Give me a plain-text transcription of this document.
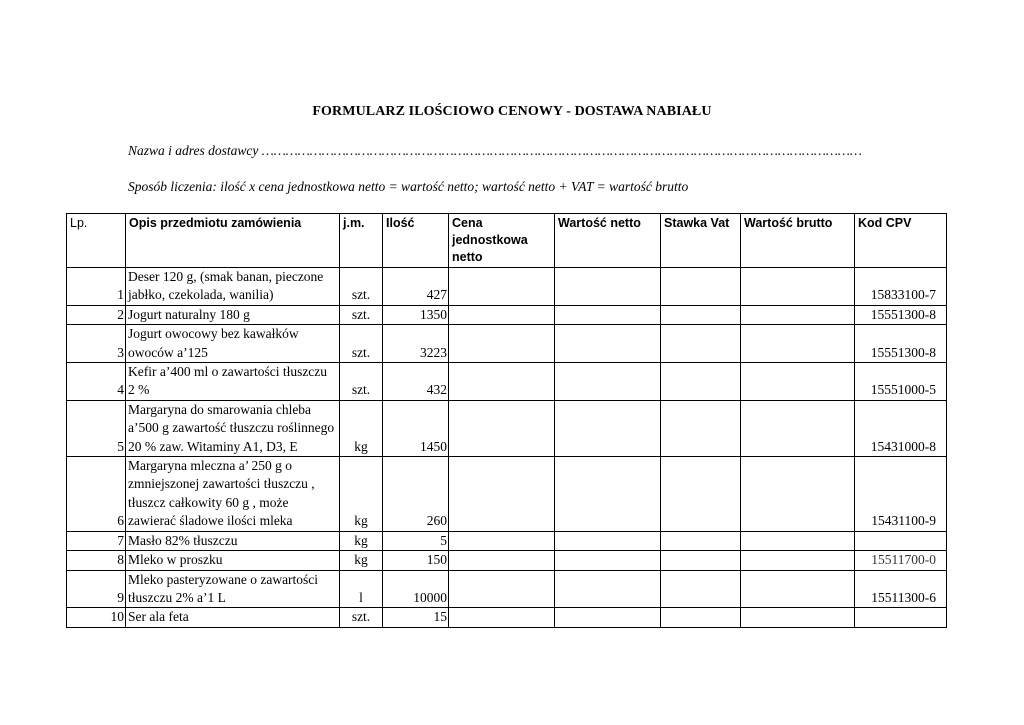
FORMULARZ ILOŚCIOWO CENOWY - DOSTAWA NABIAŁU
Nazwa i adres dostawcy ……………………………………………………………………………………………………………………………………
Sposób liczenia: ilość x cena jednostkowa netto = wartość netto; wartość netto + VAT = wartość brutto
Lp.	Opis przedmiotu zamówienia	j.m.	Ilość	Cena jednostkowa netto	Wartość netto	Stawka Vat	Wartość brutto	Kod CPV
1	Deser 120 g, (smak banan, pieczone jabłko, czekolada, wanilia)	szt.	427					15833100-7
2	Jogurt naturalny 180 g	szt.	1350					15551300-8
3	Jogurt owocowy bez kawałków owoców a’125	szt.	3223					15551300-8
4	Kefir a’400 ml o zawartości tłuszczu 2 %	szt.	432					15551000-5
5	Margaryna do smarowania chleba a’500 g zawartość tłuszczu roślinnego 20 % zaw. Witaminy A1, D3, E	kg	1450					15431000-8
6	Margaryna mleczna a’ 250 g o zmniejszonej zawartości tłuszczu , tłuszcz całkowity 60 g , może zawierać śladowe ilości mleka	kg	260					15431100-9
7	Masło 82% tłuszczu	kg	5					
8	Mleko w proszku	kg	150					15511700-0
9	Mleko pasteryzowane o zawartości tłuszczu 2% a’1 L	l	10000					15511300-6
10	Ser ala feta	szt.	15					
